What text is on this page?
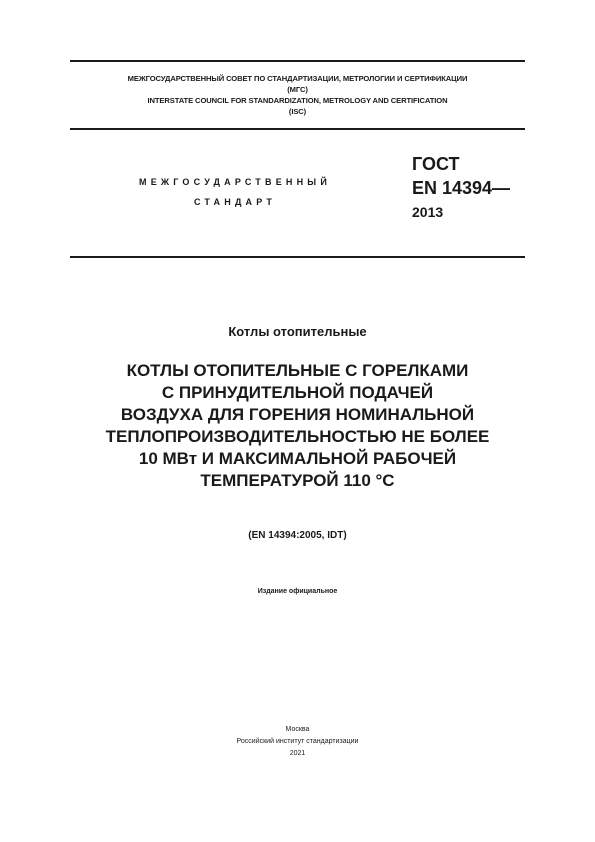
МЕЖГОСУДАРСТВЕННЫЙ СОВЕТ ПО СТАНДАРТИЗАЦИИ, МЕТРОЛОГИИ И СЕРТИФИКАЦИИ
(МГС)
INTERSTATE COUNCIL FOR STANDARDIZATION, METROLOGY AND CERTIFICATION
(ISC)
МЕЖГОСУДАРСТВЕННЫЙ
СТАНДАРТ
ГОСТ
EN 14394—
2013
Котлы отопительные
КОТЛЫ ОТОПИТЕЛЬНЫЕ С ГОРЕЛКАМИ
С ПРИНУДИТЕЛЬНОЙ ПОДАЧЕЙ
ВОЗДУХА ДЛЯ ГОРЕНИЯ НОМИНАЛЬНОЙ
ТЕПЛОПРОИЗВОДИТЕЛЬНОСТЬЮ НЕ БОЛЕЕ
10 МВт И МАКСИМАЛЬНОЙ РАБОЧЕЙ
ТЕМПЕРАТУРОЙ 110 °С
(EN 14394:2005, IDT)
Издание официальное
Москва
Российский институт стандартизации
2021
